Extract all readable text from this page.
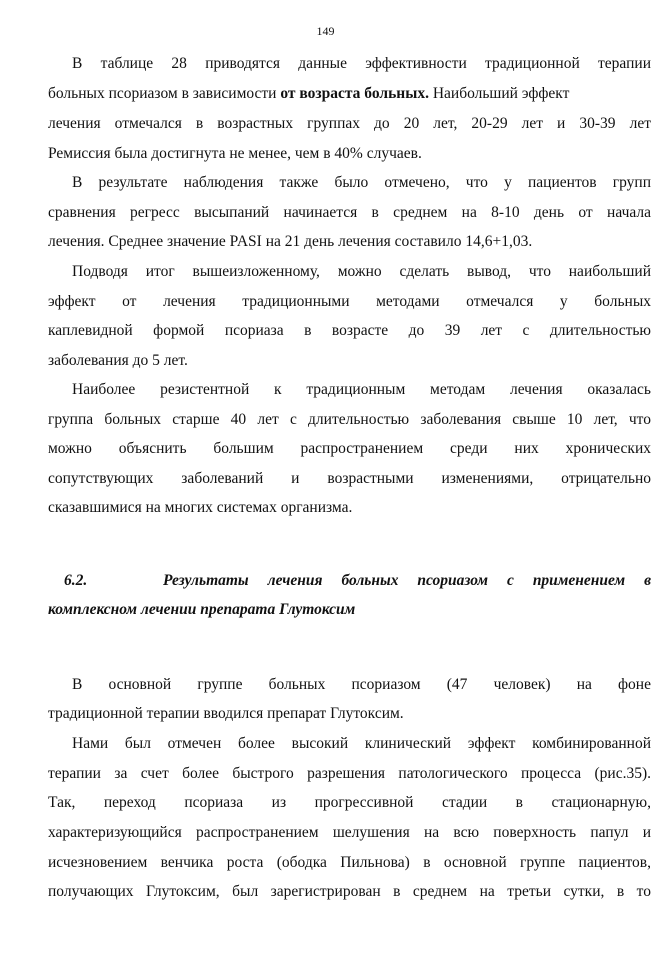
149
В таблице 28 приводятся данные эффективности традиционной терапии
больных псориазом в зависимости от возраста больных. Наибольший эффект
лечения отмечался в возрастных группах до 20 лет, 20-29 лет и 30-39 лет
Ремиссия была достигнута не менее, чем в 40% случаев.
В результате наблюдения также было отмечено, что у пациентов групп
сравнения регресс высыпаний начинается в среднем на 8-10 день от начала
лечения. Среднее значение PASI на 21 день лечения составило 14,6+1,03.
Подводя итог вышеизложенному, можно сделать вывод, что наибольший
эффект от лечения традиционными методами отмечался у больных
каплевидной формой псориаза в возрасте до 39 лет с длительностью
заболевания до 5 лет.
Наиболее резистентной к традиционным методам лечения оказалась
группа больных старше 40 лет с длительностью заболевания свыше 10 лет, что
можно объяснить большим распространением среди них хронических
сопутствующих заболеваний и возрастными изменениями, отрицательно
сказавшимися на многих системах организма.
6.2.	Результаты лечения больных псориазом с применением в
комплексном лечении препарата Глутоксим
В основной группе больных псориазом (47 человек) на фоне
традиционной терапии вводился препарат Глутоксим.
Нами был отмечен более высокий клинический эффект комбинированной
терапии за счет более быстрого разрешения патологического процесса (рис.35).
Так, переход псориаза из прогрессивной стадии в стационарную,
характеризующийся распространением шелушения на всю поверхность папул и
исчезновением венчика роста (ободка Пильнова) в основной группе пациентов,
получающих Глутоксим, был зарегистрирован в среднем на третьи сутки, в то
